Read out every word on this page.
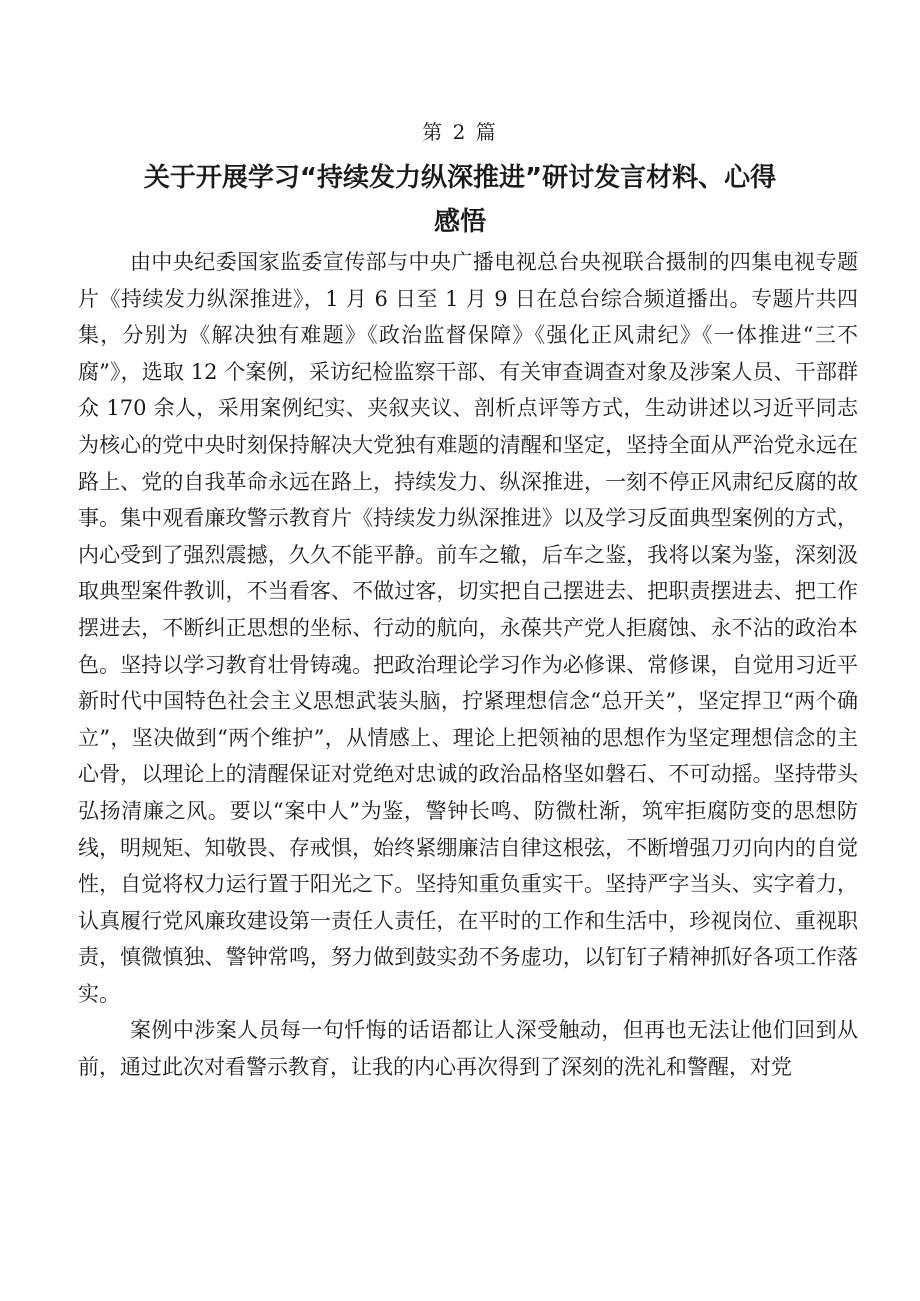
第 2 篇
关于开展学习“持续发力纵深推进”研讨发言材料、心得感悟

由中央纪委国家监委宣传部与中央广播电视总台央视联合摄制的四集电视专题片《持续发力纵深推进》，1 月 6 日至 1 月 9 日在总台综合频道播出。专题片共四集，分别为《解决独有难题》《政治监督保障》《强化正风肃纪》《一体推进“三不腐”》，选取 12 个案例，采访纪检监察干部、有关审查调查对象及涉案人员、干部群众 170 余人，采用案例纪实、夹叙夹议、剖析点评等方式，生动讲述以习近平同志为核心的党中央时刻保持解决大党独有难题的清醒和坚定，坚持全面从严治党永远在路上、党的自我革命永远在路上，持续发力、纵深推进，一刻不停正风肃纪反腐的故事。集中观看廉玫警示教育片《持续发力纵深推进》以及学习反面典型案例的方式，内心受到了强烈震撼，久久不能平静。前车之辙，后车之鉴，我将以案为鉴，深刻汲取典型案件教训，不当看客、不做过客，切实把自己摆进去、把职责摆进去、把工作摆进去，不断纠正思想的坐标、行动的航向，永葆共产党人拒腐蚀、永不沾的政治本色。坚持以学习教育壮骨铸魂。把政治理论学习作为必修课、常修课，自觉用习近平新时代中国特色社会主义思想武装头脑，拧紧理想信念“总开关”，坚定捍卫“两个确立”，坚决做到“两个维护”，从情感上、理论上把领袖的思想作为坚定理想信念的主心骨，以理论上的清醒保证对党绝对忠诚的政治品格坚如磐石、不可动摇。坚持带头弘扬清廉之风。要以“案中人”为鉴，警钟长鸣、防微杜渐，筑牢拒腐防变的思想防线，明规矩、知敬畏、存戒惧，始终紧绷廉洁自律这根弦，不断增强刀刃向内的自觉性，自觉将权力运行置于阳光之下。坚持知重负重实干。坚持严字当头、实字着力，认真履行党风廉玫建设第一责任人责任，在平时的工作和生活中，珍视岗位、重视职责，慎微慎独、警钟常鸣，努力做到鼓实劲不务虚功，以钉钉子精神抓好各项工作落实。

案例中涉案人员每一句忏悔的话语都让人深受触动，但再也无法让他们回到从前，通过此次对看警示教育，让我的内心再次得到了深刻的洗礼和警醒，对党
